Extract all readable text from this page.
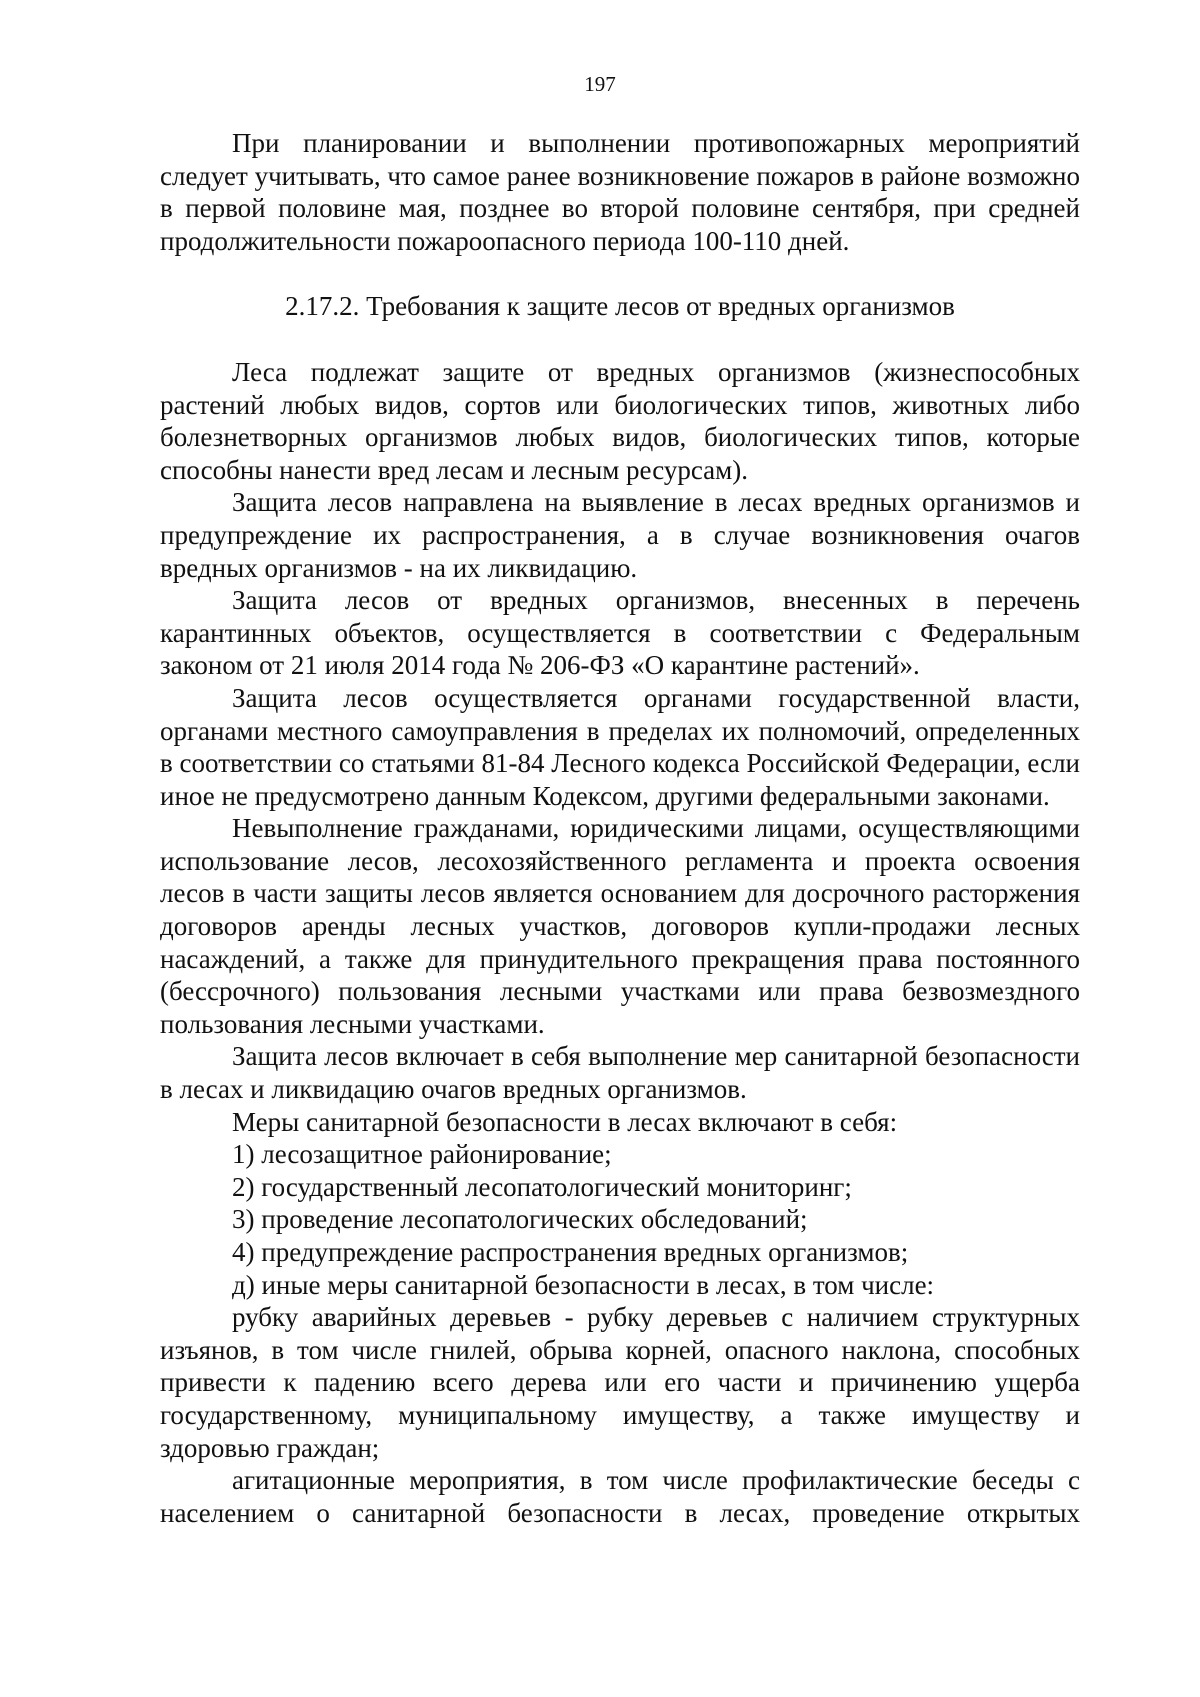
197

При планировании и выполнении противопожарных мероприятий следует учитывать, что самое ранее возникновение пожаров в районе возможно в первой половине мая, позднее во второй половине сентября, при средней продолжительности пожароопасного периода 100-110 дней.

2.17.2. Требования к защите лесов от вредных организмов

Леса подлежат защите от вредных организмов (жизнеспособных растений любых видов, сортов или биологических типов, животных либо болезнетворных организмов любых видов, биологических типов, которые способны нанести вред лесам и лесным ресурсам).

Защита лесов направлена на выявление в лесах вредных организмов и предупреждение их распространения, а в случае возникновения очагов вредных организмов - на их ликвидацию.

Защита лесов от вредных организмов, внесенных в перечень карантинных объектов, осуществляется в соответствии с Федеральным законом от 21 июля 2014 года № 206-ФЗ «О карантине растений».

Защита лесов осуществляется органами государственной власти, органами местного самоуправления в пределах их полномочий, определенных в соответствии со статьями 81-84 Лесного кодекса Российской Федерации, если иное не предусмотрено данным Кодексом, другими федеральными законами.

Невыполнение гражданами, юридическими лицами, осуществляющими использование лесов, лесохозяйственного регламента и проекта освоения лесов в части защиты лесов является основанием для досрочного расторжения договоров аренды лесных участков, договоров купли-продажи лесных насаждений, а также для принудительного прекращения права постоянного (бессрочного) пользования лесными участками или права безвозмездного пользования лесными участками.

Защита лесов включает в себя выполнение мер санитарной безопасности в лесах и ликвидацию очагов вредных организмов.

Меры санитарной безопасности в лесах включают в себя:

1) лесозащитное районирование;

2) государственный лесопатологический мониторинг;

3) проведение лесопатологических обследований;

4) предупреждение распространения вредных организмов;

д) иные меры санитарной безопасности в лесах, в том числе:

рубку аварийных деревьев - рубку деревьев с наличием структурных изъянов, в том числе гнилей, обрыва корней, опасного наклона, способных привести к падению всего дерева или его части и причинению ущерба государственному, муниципальному имуществу, а также имуществу и здоровью граждан;

агитационные мероприятия, в том числе профилактические беседы с населением о санитарной безопасности в лесах, проведение открытых
